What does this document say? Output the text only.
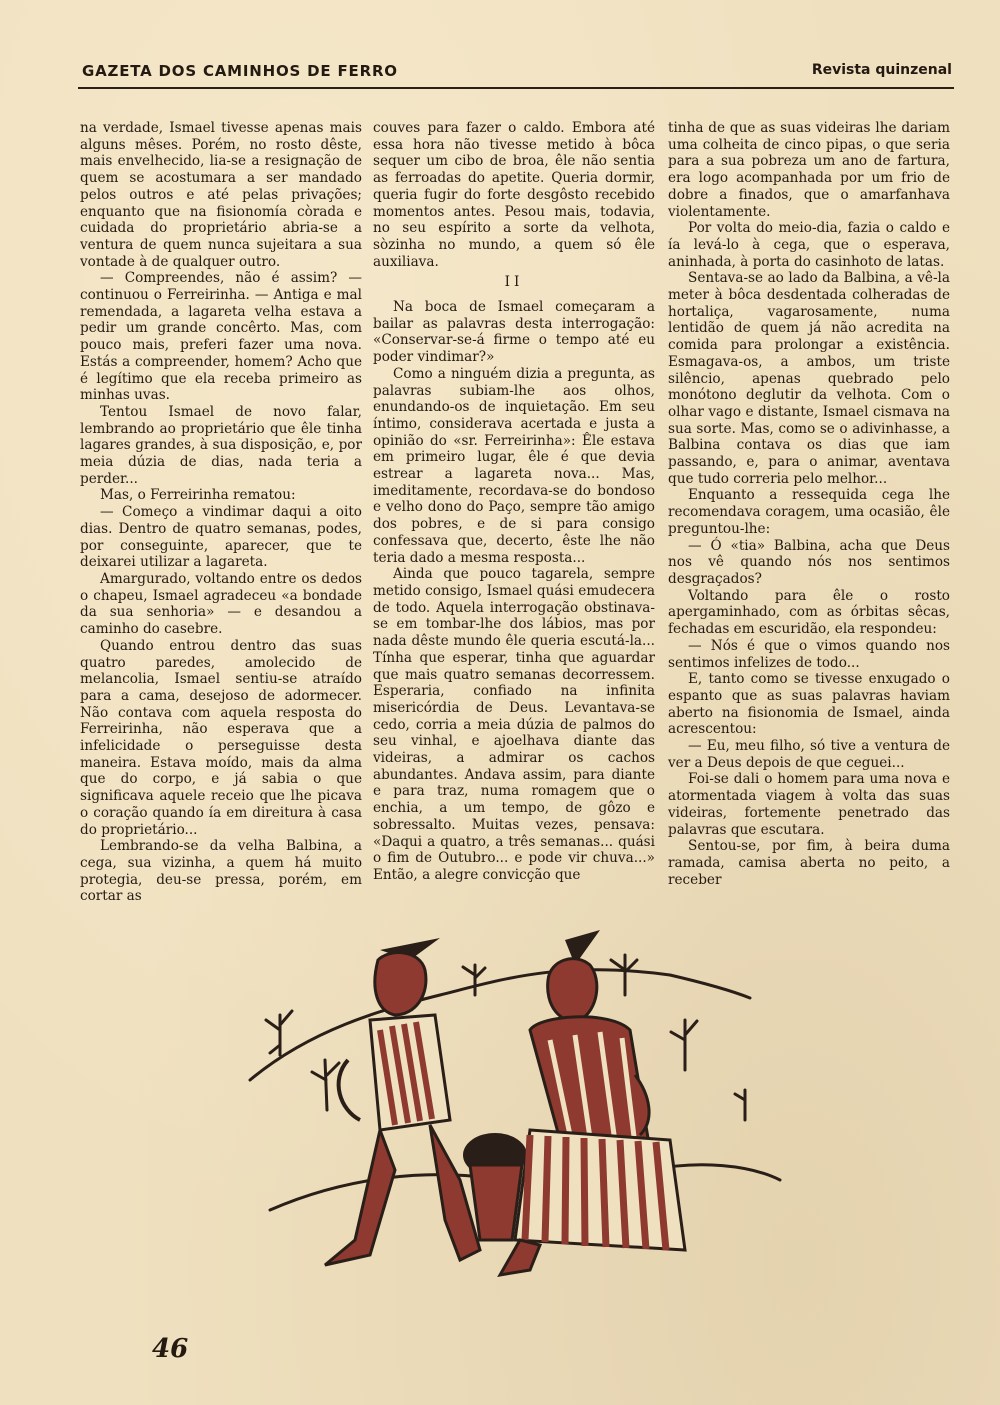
GAZETA DOS CAMINHOS DE FERRO	Revista quinzenal

na verdade, Ismael tivesse apenas mais alguns mêses. Porém, no rosto dêste, mais envelhecido, lia-se a resignação de quem se acostumara a ser mandado pelos outros e até pelas privações; enquanto que na fisionomía còrada e cuidada do proprietário abria-se a ventura de quem nunca sujeitara a sua vontade à de qualquer outro.

— Compreendes, não é assim? — continuou o Ferreirinha. — Antiga e mal remendada, a lagareta velha estava a pedir um grande concêrto. Mas, com pouco mais, preferi fazer uma nova. Estás a compreender, homem? Acho que é legítimo que ela receba primeiro as minhas uvas.

Tentou Ismael de novo falar, lembrando ao proprietário que êle tinha lagares grandes, à sua disposição, e, por meia dúzia de dias, nada teria a perder...

Mas, o Ferreirinha rematou:

— Começo a vindimar daqui a oito dias. Dentro de quatro semanas, podes, por conseguinte, aparecer, que te deixarei utilizar a lagareta.

Amargurado, voltando entre os dedos o chapeu, Ismael agradeceu «a bondade da sua senhoria» — e desandou a caminho do casebre.

Quando entrou dentro das suas quatro paredes, amolecido de melancolia, Ismael sentiu-se atraído para a cama, desejoso de adormecer. Não contava com aquela resposta do Ferreirinha, não esperava que a infelicidade o perseguisse desta maneira. Estava moído, mais da alma que do corpo, e já sabia o que significava aquele receio que lhe picava o coração quando ía em direitura à casa do proprietário...

Lembrando-se da velha Balbina, a cega, sua vizinha, a quem há muito protegia, deu-se pressa, porém, em cortar as

couves para fazer o caldo. Embora até essa hora não tivesse metido à bôca sequer um cibo de broa, êle não sentia as ferroadas do apetite. Queria dormir, queria fugir do forte desgôsto recebido momentos antes. Pesou mais, todavia, no seu espírito a sorte da velhota, sòzinha no mundo, a quem só êle auxiliava.

II

Na boca de Ismael começaram a bailar as palavras desta interrogação: «Conservar-se-á firme o tempo até eu poder vindimar?»

Como a ninguém dizia a pregunta, as palavras subiam-lhe aos olhos, enundando-os de inquietação. Em seu íntimo, considerava acertada e justa a opinião do «sr. Ferreirinha»: Êle estava em primeiro lugar, êle é que devia estrear a lagareta nova... Mas, imeditamente, recordava-se do bondoso e velho dono do Paço, sempre tão amigo dos pobres, e de si para consigo confessava que, decerto, êste lhe não teria dado a mesma resposta...

Ainda que pouco tagarela, sempre metido consigo, Ismael quási emudecera de todo. Aquela interrogação obstinava-se em tombar-lhe dos lábios, mas por nada dêste mundo êle queria escutá-la... Tínha que esperar, tinha que aguardar que mais quatro semanas decorressem. Esperaria, confiado na infinita misericórdia de Deus. Levantava-se cedo, corria a meia dúzia de palmos do seu vinhal, e ajoelhava diante das videiras, a admirar os cachos abundantes. Andava assim, para diante e para traz, numa romagem que o enchia, a um tempo, de gôzo e sobressalto. Muitas vezes, pensava: «Daqui a quatro, a três semanas... quási o fim de Outubro... e pode vir chuva...» Então, a alegre convicção que

tinha de que as suas videiras lhe dariam uma colheita de cinco pipas, o que seria para a sua pobreza um ano de fartura, era logo acompanhada por um frio de dobre a finados, que o amarfanhava violentamente.

Por volta do meio-dia, fazia o caldo e ía levá-lo à cega, que o esperava, aninhada, à porta do casinhoto de latas.

Sentava-se ao lado da Balbina, a vê-la meter à bôca desdentada colheradas de hortaliça, vagarosamente, numa lentidão de quem já não acredita na comida para prolongar a existência. Esmagava-os, a ambos, um triste silêncio, apenas quebrado pelo monótono deglutir da velhota. Com o olhar vago e distante, Ismael cismava na sua sorte. Mas, como se o adivinhasse, a Balbina contava os dias que iam passando, e, para o animar, aventava que tudo correria pelo melhor...

Enquanto a ressequida cega lhe recomendava coragem, uma ocasião, êle preguntou-lhe:

— Ó «tia» Balbina, acha que Deus nos vê quando nós nos sentimos desgraçados?

Voltando para êle o rosto apergaminhado, com as órbitas sêcas, fechadas em escuridão, ela respondeu:

— Nós é que o vimos quando nos sentimos infelizes de todo...

E, tanto como se tivesse enxugado o espanto que as suas palavras haviam aberto na fisionomia de Ismael, ainda acrescentou:

— Eu, meu filho, só tive a ventura de ver a Deus depois de que ceguei...

Foi-se dali o homem para uma nova e atormentada viagem à volta das suas videiras, fortemente penetrado das palavras que escutara.

Sentou-se, por fim, à beira duma ramada, camisa aberta no peito, a receber

46
